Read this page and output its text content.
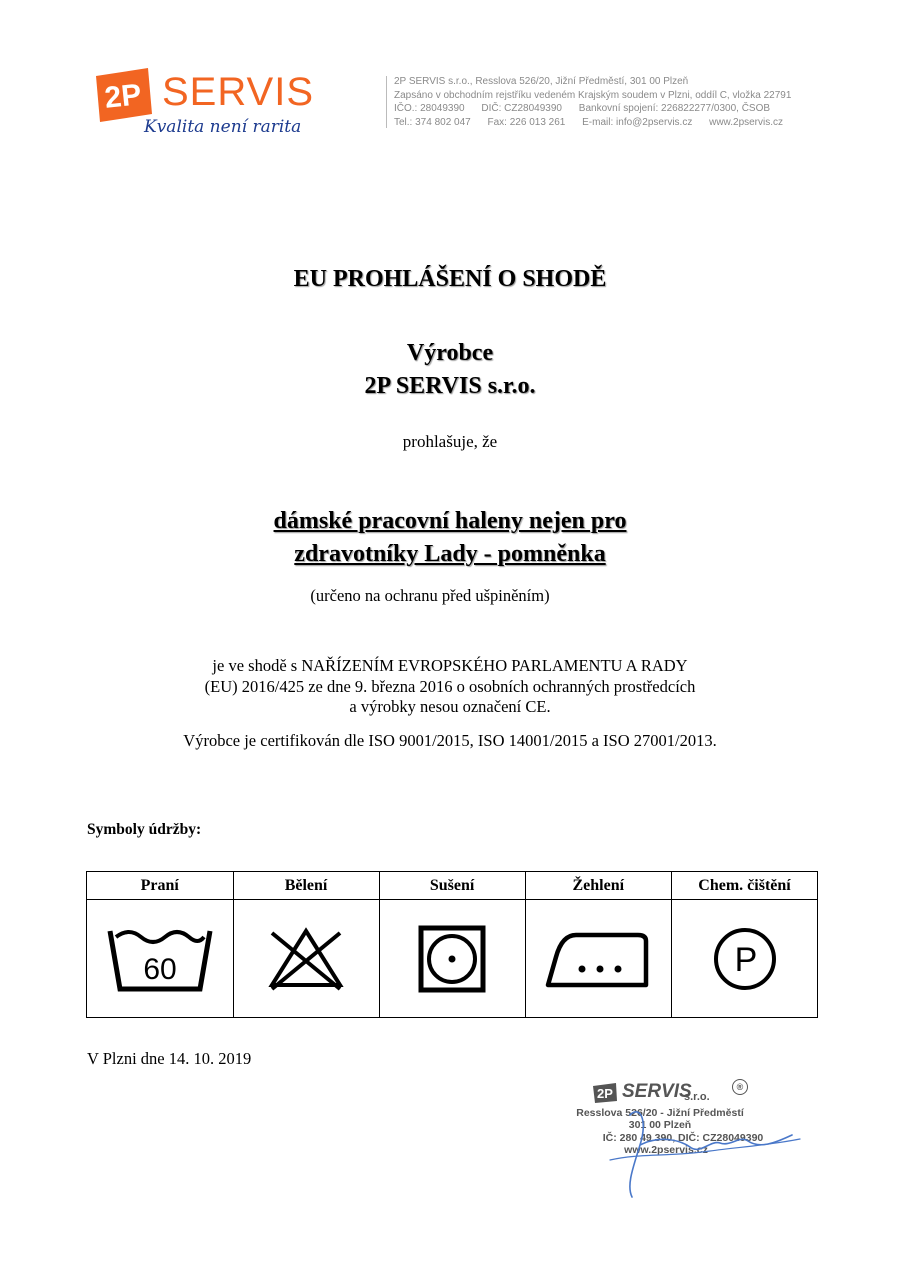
2P SERVIS
Kvalita není rarita
2P SERVIS s.r.o., Resslova 526/20, Jižní Předměstí, 301 00 Plzeň
Zapsáno v obchodním rejstříku vedeném Krajským soudem v Plzni, oddíl C, vložka 22791
IČO.: 28049390 DIČ: CZ28049390 Bankovní spojení: 226822277/0300, ČSOB
Tel.: 374 802 047 Fax: 226 013 261 E-mail: info@2pservis.cz www.2pservis.cz
EU PROHLÁŠENÍ O SHODĚ
Výrobce
2P SERVIS s.r.o.
prohlašuje, že
dámské pracovní haleny nejen pro
zdravotníky Lady - pomněnka
(určeno na ochranu před ušpiněním)
je ve shodě s NAŘÍZENÍM EVROPSKÉHO PARLAMENTU A RADY
(EU) 2016/425 ze dne 9. března 2016 o osobních ochranných prostředcích
a výrobky nesou označení CE.
Výrobce je certifikován dle ISO 9001/2015, ISO 14001/2015 a ISO 27001/2013.
Symboly údržby:
Praní	Bělení	Sušení	Žehlení	Chem. čištění

60				P
V Plzni dne 14. 10. 2019
2P SERVIS
s.r.o.
®
Resslova 526/20 - Jižní Předměstí
301 00 Plzeň
IČ: 280 49 390, DIČ: CZ28049390
www.2pservis.cz
